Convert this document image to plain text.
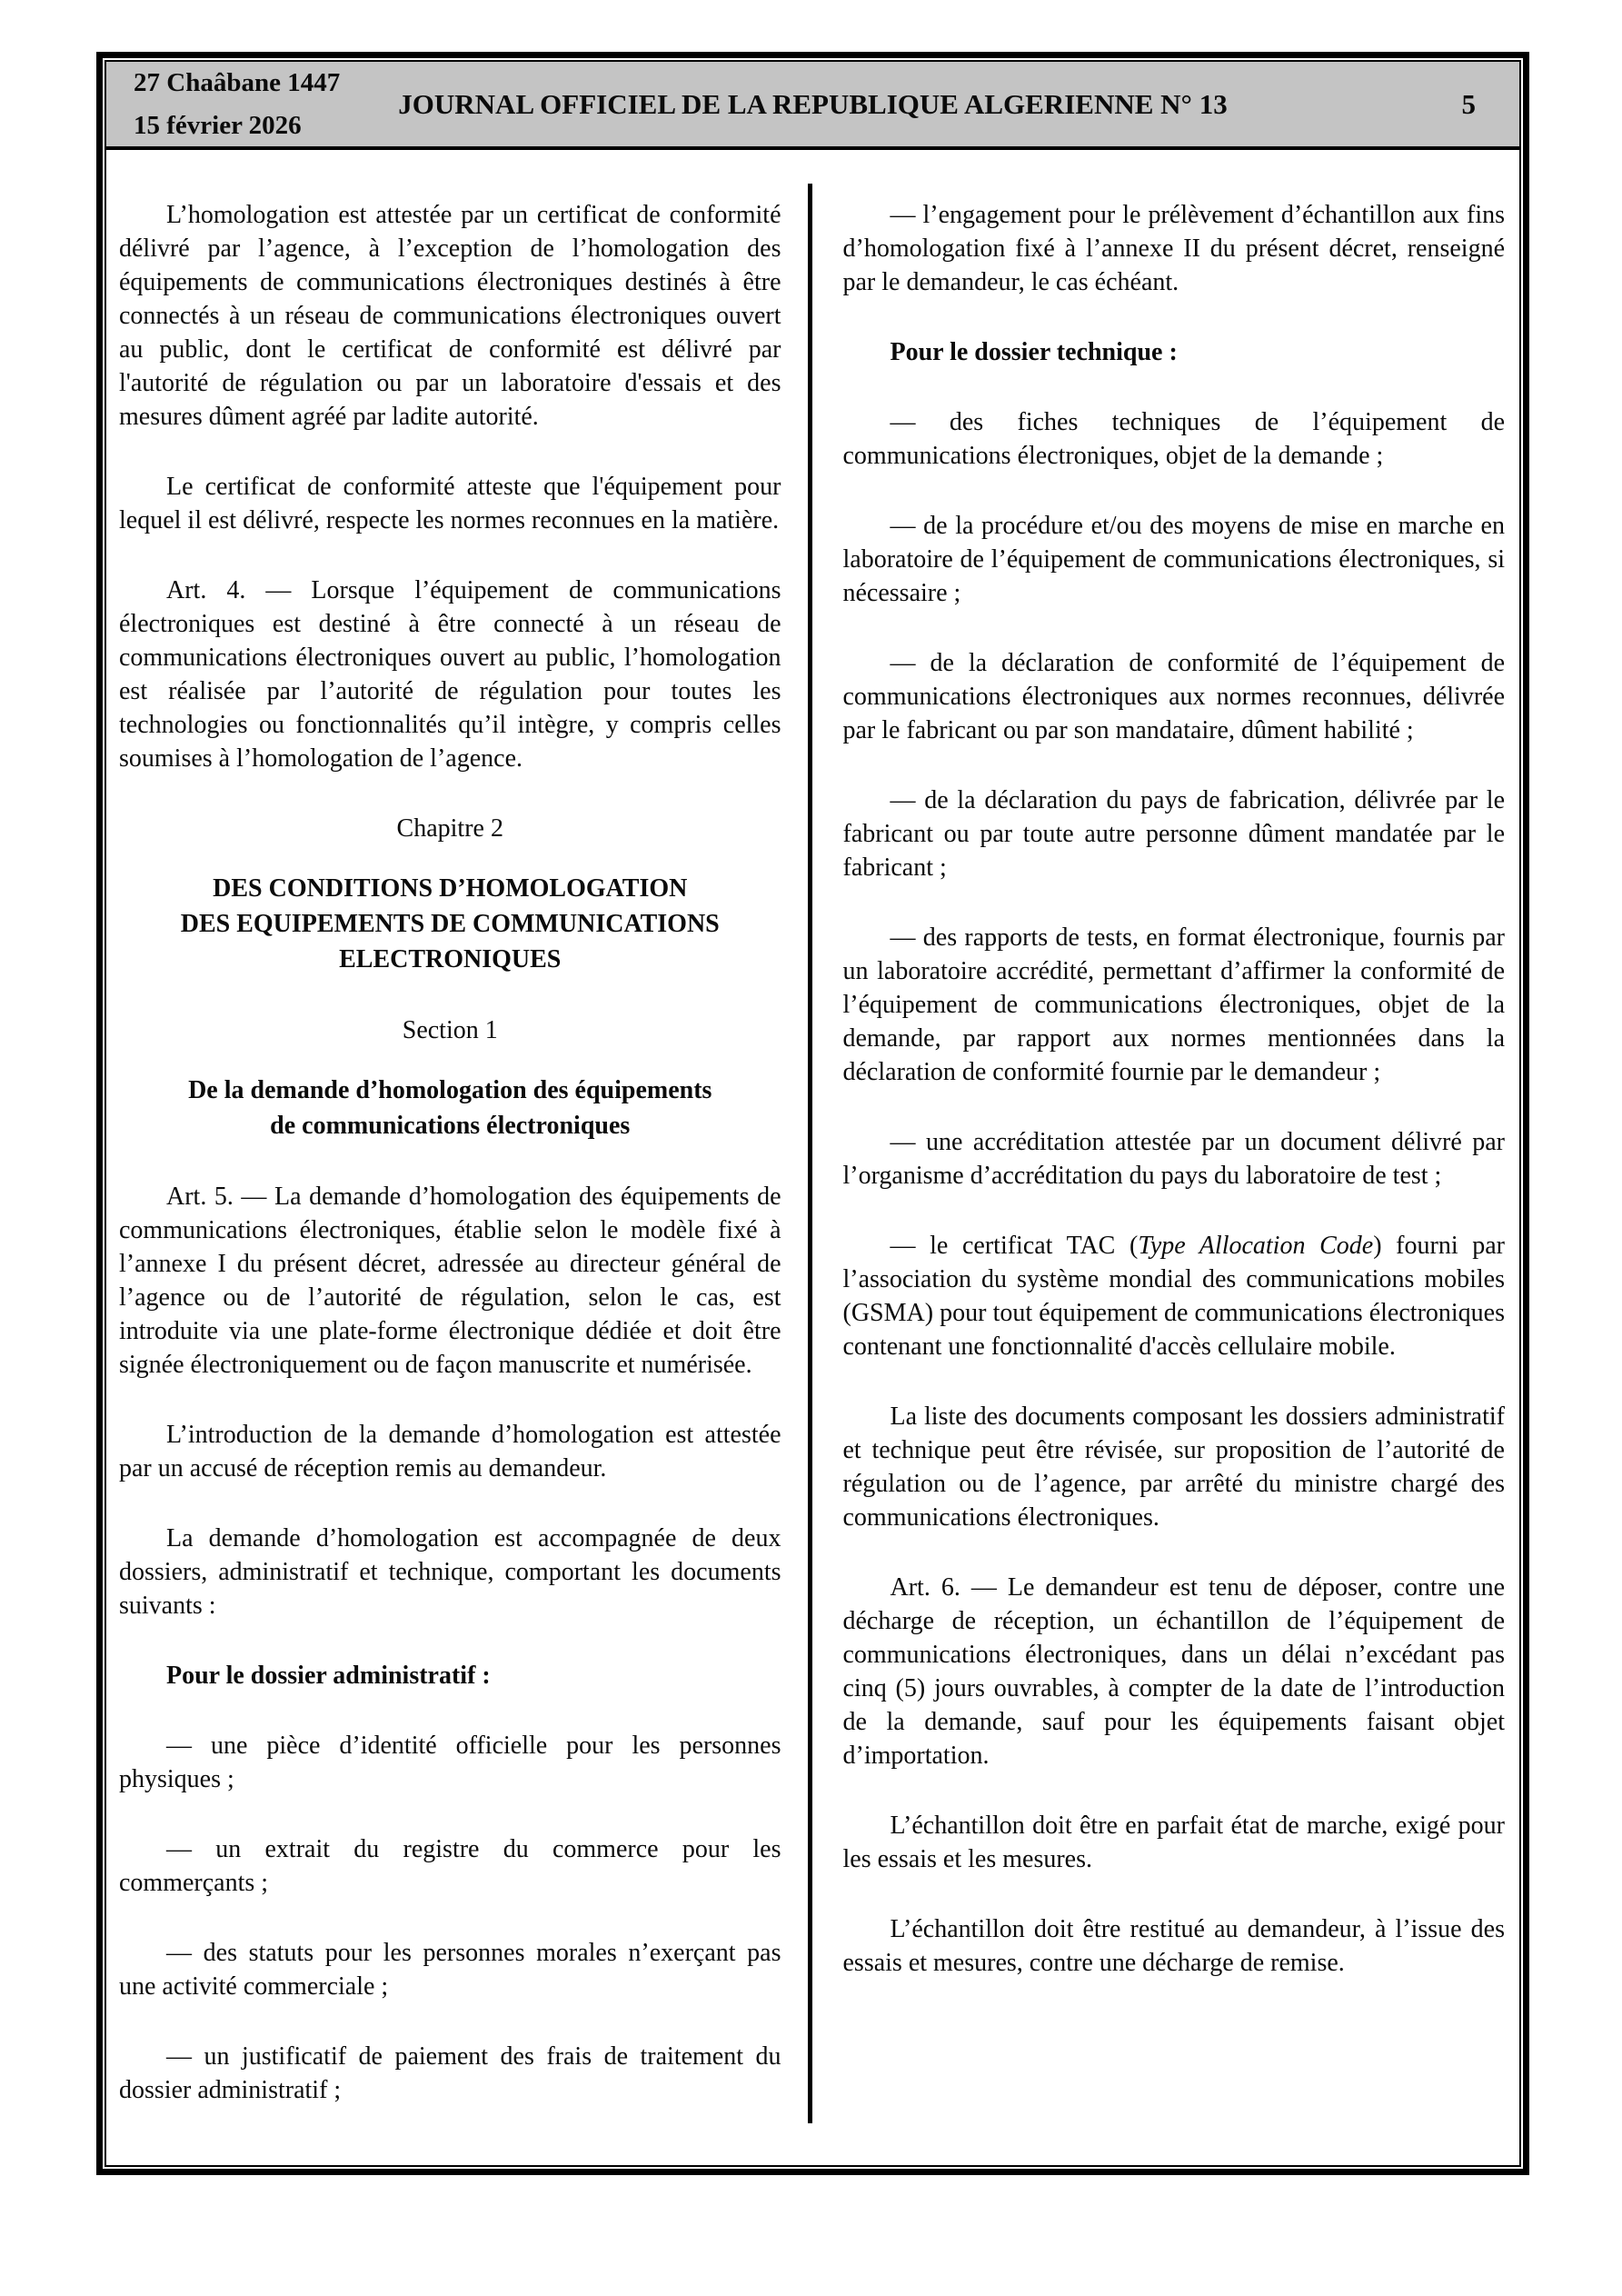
27 Chaâbane 1447
15 février 2026
JOURNAL OFFICIEL DE LA REPUBLIQUE ALGERIENNE N° 13	5

L’homologation est attestée par un certificat de conformité délivré par l’agence, à l’exception de l’homologation des équipements de communications électroniques destinés à être connectés à un réseau de communications électroniques ouvert au public, dont le certificat de conformité est délivré par l'autorité de régulation ou par un laboratoire d'essais et des mesures dûment agréé par ladite autorité.

Le certificat de conformité atteste que l'équipement pour lequel il est délivré, respecte les normes reconnues en la matière.

Art. 4. — Lorsque l’équipement de communications électroniques est destiné à être connecté à un réseau de communications électroniques ouvert au public, l’homologation est réalisée par l’autorité de régulation pour toutes les technologies ou fonctionnalités qu’il intègre, y compris celles soumises à l’homologation de l’agence.

Chapitre 2

DES CONDITIONS D’HOMOLOGATION
DES EQUIPEMENTS DE COMMUNICATIONS
ELECTRONIQUES

Section 1

De la demande d’homologation des équipements
de communications électroniques

Art. 5. — La demande d’homologation des équipements de communications électroniques, établie selon le modèle fixé à l’annexe I du présent décret, adressée au directeur général de l’agence ou de l’autorité de régulation, selon le cas, est introduite via une plate-forme électronique dédiée et doit être signée électroniquement ou de façon manuscrite et numérisée.

L’introduction de la demande d’homologation est attestée par un accusé de réception remis au demandeur.

La demande d’homologation est accompagnée de deux dossiers, administratif et technique, comportant les documents suivants :

Pour le dossier administratif :

— une pièce d’identité officielle pour les personnes physiques ;

— un extrait du registre du commerce pour les commerçants ;

— des statuts pour les personnes morales n’exerçant pas une activité commerciale ;

— un justificatif de paiement des frais de traitement du dossier administratif ;

— l’engagement pour le prélèvement d’échantillon aux fins d’homologation fixé à l’annexe II du présent décret, renseigné par le demandeur, le cas échéant.

Pour le dossier technique :

— des fiches techniques de l’équipement de communications électroniques, objet de la demande ;

— de la procédure et/ou des moyens de mise en marche en laboratoire de l’équipement de communications électroniques, si nécessaire ;

— de la déclaration de conformité de l’équipement de communications électroniques aux normes reconnues, délivrée par le fabricant ou par son mandataire, dûment habilité ;

— de la déclaration du pays de fabrication, délivrée par le fabricant ou par toute autre personne dûment mandatée par le fabricant ;

— des rapports de tests, en format électronique, fournis par un laboratoire accrédité, permettant d’affirmer la conformité de l’équipement de communications électroniques, objet de la demande, par rapport aux normes mentionnées dans la déclaration de conformité fournie par le demandeur ;

— une accréditation attestée par un document délivré par l’organisme d’accréditation du pays du laboratoire de test ;

— le certificat TAC (Type Allocation Code) fourni par l’association du système mondial des communications mobiles (GSMA) pour tout équipement de communications électroniques contenant une fonctionnalité d'accès cellulaire mobile.

La liste des documents composant les dossiers administratif et technique peut être révisée, sur proposition de l’autorité de régulation ou de l’agence, par arrêté du ministre chargé des communications électroniques.

Art. 6. — Le demandeur est tenu de déposer, contre une décharge de réception, un échantillon de l’équipement de communications électroniques, dans un délai n’excédant pas cinq (5) jours ouvrables, à compter de la date de l’introduction de la demande, sauf pour les équipements faisant objet d’importation.

L’échantillon doit être en parfait état de marche, exigé pour les essais et les mesures.

L’échantillon doit être restitué au demandeur, à l’issue des essais et mesures, contre une décharge de remise.
